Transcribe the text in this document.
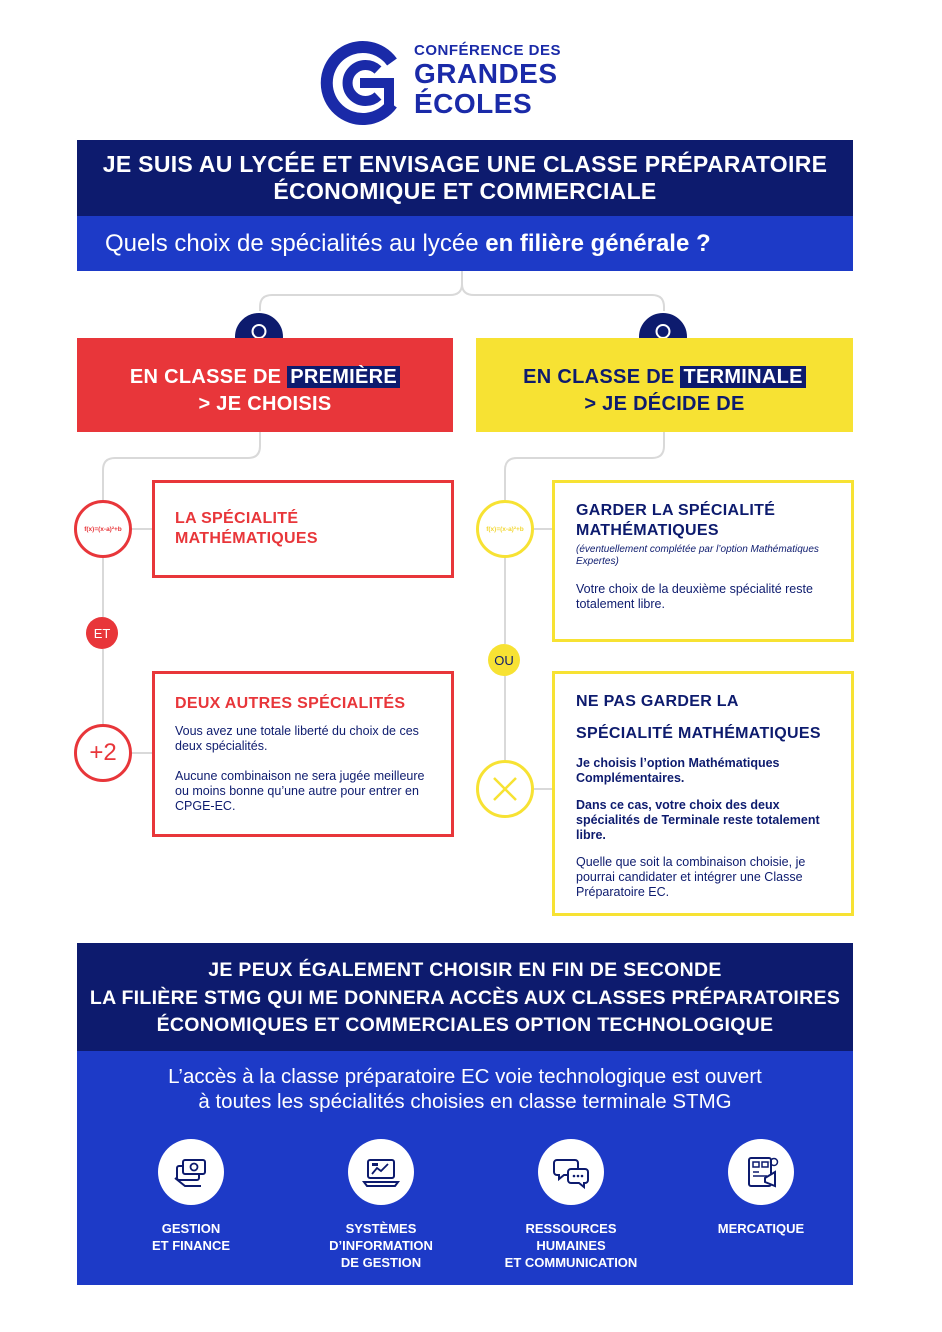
CONFÉRENCE DES
GRANDES
ÉCOLES
JE SUIS AU LYCÉE ET ENVISAGE UNE CLASSE PRÉPARATOIRE
ÉCONOMIQUE ET COMMERCIALE
Quels choix de spécialités au lycée en filière générale ?
EN CLASSE DE PREMIÈRE
> JE CHOISIS
EN CLASSE DE TERMINALE
> JE DÉCIDE DE
f(x)=(x-a)²+b
ET
+2
f(x)=(x-a)²+b
OU
LA SPÉCIALITÉ
MATHÉMATIQUES
DEUX AUTRES SPÉCIALITÉS

Vous avez une totale liberté du choix de ces deux spécialités.

Aucune combinaison ne sera jugée meilleure ou moins bonne qu’une autre pour entrer en CPGE-EC.

GARDER LA SPÉCIALITÉ
MATHÉMATIQUES

(éventuellement complétée par l’option Mathématiques Expertes)

Votre choix de la deuxième spécialité reste totalement libre.

NE PAS GARDER LA
SPÉCIALITÉ MATHÉMATIQUES

Je choisis l’option Mathématiques Complémentaires.

Dans ce cas, votre choix des deux spécialités de Terminale reste totalement libre.

Quelle que soit la combinaison choisie, je pourrai candidater et intégrer une Classe Préparatoire EC.

JE PEUX ÉGALEMENT CHOISIR EN FIN DE SECONDE
LA FILIÈRE STMG QUI ME DONNERA ACCÈS AUX CLASSES PRÉPARATOIRES
ÉCONOMIQUES ET COMMERCIALES OPTION TECHNOLOGIQUE
L’accès à la classe préparatoire EC voie technologique est ouvert
à toutes les spécialités choisies en classe terminale STMG
GESTION
ET FINANCE
SYSTÈMES
D’INFORMATION
DE GESTION
RESSOURCES
HUMAINES
ET COMMUNICATION
MERCATIQUE
